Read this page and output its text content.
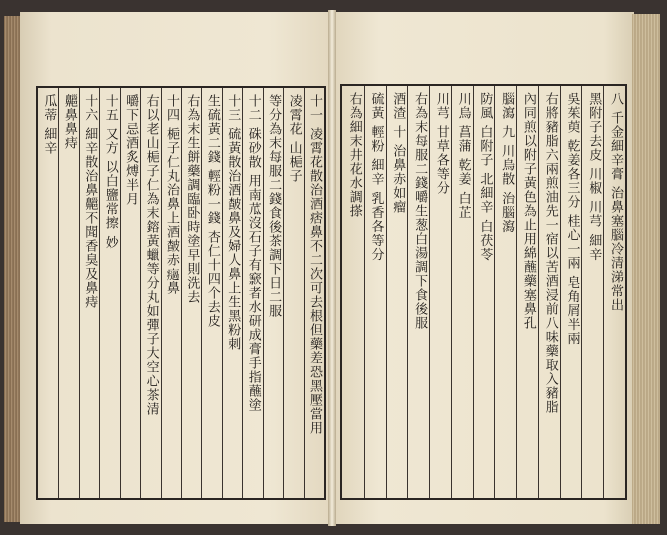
十一 凌霄花散治酒痞鼻不二次可去根但藥差恐黑壓當用
凌霄花 山梔子
等分為末每服二錢食後茶調下日二服
十二 硃砂散 用南苽沒石子有窾者水研成膏手指蘸塗
十三 硫黃散治酒皶鼻及婦人鼻上生黑粉刺
生硫黃二錢 輕粉一錢 杏仁十四个去皮
右為末生餅藥調臨卧時塗早則洗去
十四 梔子仁丸治鼻上酒皶赤𤻌鼻
右以老山梔子仁為末鎔黃蠟等分丸如彈子大空心茶清
嚼下忌酒炙煿半月
十五 又方 以白鹽常擦 妙
十六 細辛散治鼻齆不聞香臭及鼻痔
齆鼻鼻痔
瓜蒂 細辛	八 千金細辛膏 治鼻塞腦冷清涕常出
黑附子去皮 川椒 川芎 細辛
吳茱萸 乾姜各三分 桂心一兩 皂角屑半兩
右將豬脂六兩煎油先一宿以苦酒浸前八味藥取入豬脂
內同煎以附子黃色為止用綿蘸藥塞鼻孔
腦瀉 九 川烏散 治腦瀉
防風 白附子 北細辛 白茯苓
川烏 菖蒲 乾姜 白芷
川芎 甘草各等分
右為末每服二錢嚼生葱白湯調下食後服
酒渣 十 治鼻赤如瘤
硫黃 輕粉 細辛 乳香各等分
右為細末井花水調搽
